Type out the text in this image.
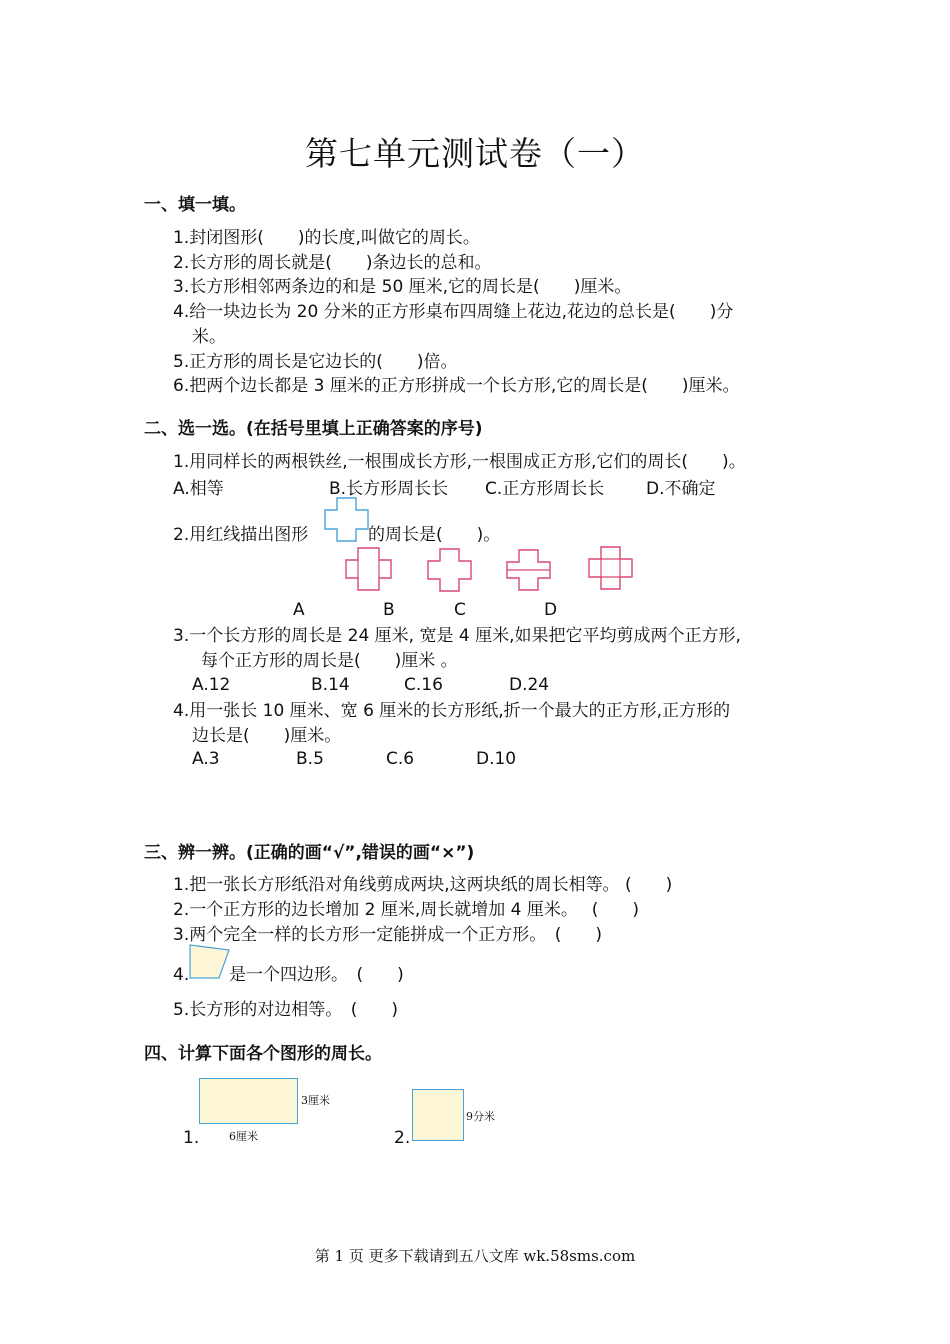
第七单元测试卷（一）
一、填一填。
1.封闭图形(　　)的长度,叫做它的周长。
2.长方形的周长就是(　　)条边长的总和。
3.长方形相邻两条边的和是 50 厘米,它的周长是(　　)厘米。
4.给一块边长为 20 分米的正方形桌布四周缝上花边,花边的总长是(　　)分
米。
5.正方形的周长是它边长的(　　)倍。
6.把两个边长都是 3 厘米的正方形拼成一个长方形,它的周长是(　　)厘米。
二、选一选。(在括号里填上正确答案的序号)
1.用同样长的两根铁丝,一根围成长方形,一根围成正方形,它们的周长(　　)。
A.相等	B.长方形周长长 C.正方形周长长 D.不确定
2.用红线描出图形	的周长是(　　)。
A	B	C	D
3.一个长方形的周长是 24 厘米, 宽是 4 厘米,如果把它平均剪成两个正方形,
每个正方形的周长是(　　)厘米 。
A.12	B.14	C.16	D.24
4.用一张长 10 厘米、宽 6 厘米的长方形纸,折一个最大的正方形,正方形的
边长是(　　)厘米。
A.3	B.5	C.6	D.10
三、辨一辨。(正确的画“√”,错误的画“×”)
1.把一张长方形纸沿对角线剪成两块,这两块纸的周长相等。 (　　)
2.一个正方形的边长增加 2 厘米,周长就增加 4 厘米。　 (　　)
3.两个完全一样的长方形一定能拼成一个正方形。　(　　)
4. 是一个四边形。　(　　)
5.长方形的对边相等。　(　　)
四、计算下面各个图形的周长。
1.
3厘米
6厘米	2.
9分米
第 1 页 更多下载请到五八文库 wk.58sms.com
